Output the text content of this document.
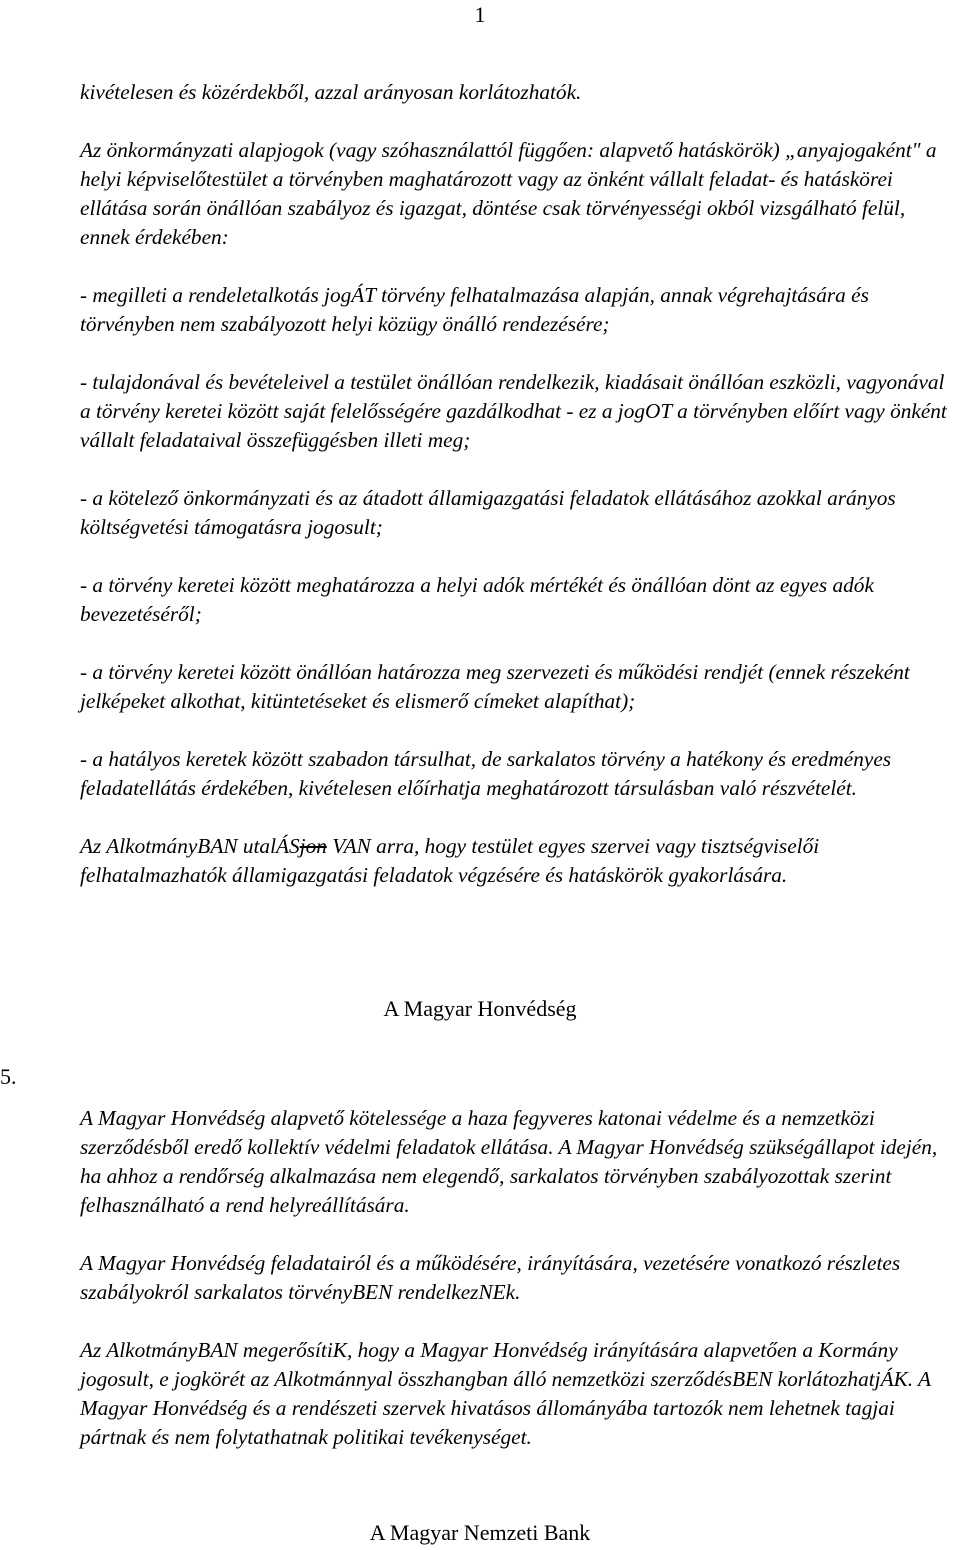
1

kivételesen és közérdekből, azzal arányosan korlátozhatók.

Az önkormányzati alapjogok (vagy szóhasználattól függően: alapvető hatáskörök) „anyajogaként" a helyi képviselőtestület a törvényben maghatározott vagy az önként vállalt feladat- és hatáskörei ellátása során önállóan szabályoz és igazgat, döntése csak törvényességi okból vizsgálható felül, ennek érdekében:

- megilleti a rendeletalkotás jogÁT törvény felhatalmazása alapján, annak végrehajtására és törvényben nem szabályozott helyi közügy önálló rendezésére;

- tulajdonával és bevételeivel a testület önállóan rendelkezik, kiadásait önállóan eszközli, vagyonával a törvény keretei között saját felelősségére gazdálkodhat - ez a jogOT a törvényben előírt vagy önként vállalt feladataival összefüggésben illeti meg;

- a kötelező önkormányzati és az átadott államigazgatási feladatok ellátásához azokkal arányos költségvetési támogatásra jogosult;

- a törvény keretei között meghatározza a helyi adók mértékét és önállóan dönt az egyes adók bevezetéséről;

- a törvény keretei között önállóan határozza meg szervezeti és működési rendjét (ennek részeként jelképeket alkothat, kitüntetéseket és elismerő címeket alapíthat);

- a hatályos keretek között szabadon társulhat, de sarkalatos törvény a hatékony és eredményes feladatellátás érdekében, kivételesen előírhatja meghatározott társulásban való részvételét.

Az AlkotmányBAN utalÁSjon VAN arra, hogy testület egyes szervei vagy tisztségviselői felhatalmazhatók államigazgatási feladatok végzésére és hatáskörök gyakorlására.

A Magyar Honvédség
5.

A Magyar Honvédség alapvető kötelessége a haza fegyveres katonai védelme és a nemzetközi szerződésből eredő kollektív védelmi feladatok ellátása. A Magyar Honvédség szükségállapot idején, ha ahhoz a rendőrség alkalmazása nem elegendő, sarkalatos törvényben szabályozottak szerint felhasználható a rend helyreállítására.

A Magyar Honvédség feladatairól és a működésére, irányítására, vezetésére vonatkozó részletes szabályokról sarkalatos törvényBEN rendelkezNEk.

Az AlkotmányBAN megerősítiK, hogy a Magyar Honvédség irányítására alapvetően a Kormány jogosult, e jogkörét az Alkotmánnyal összhangban álló nemzetközi szerződésBEN korlátozhatjÁK. A Magyar Honvédség és a rendészeti szervek hivatásos állományába tartozók nem lehetnek tagjai pártnak és nem folytathatnak politikai tevékenységet.

A Magyar Nemzeti Bank
